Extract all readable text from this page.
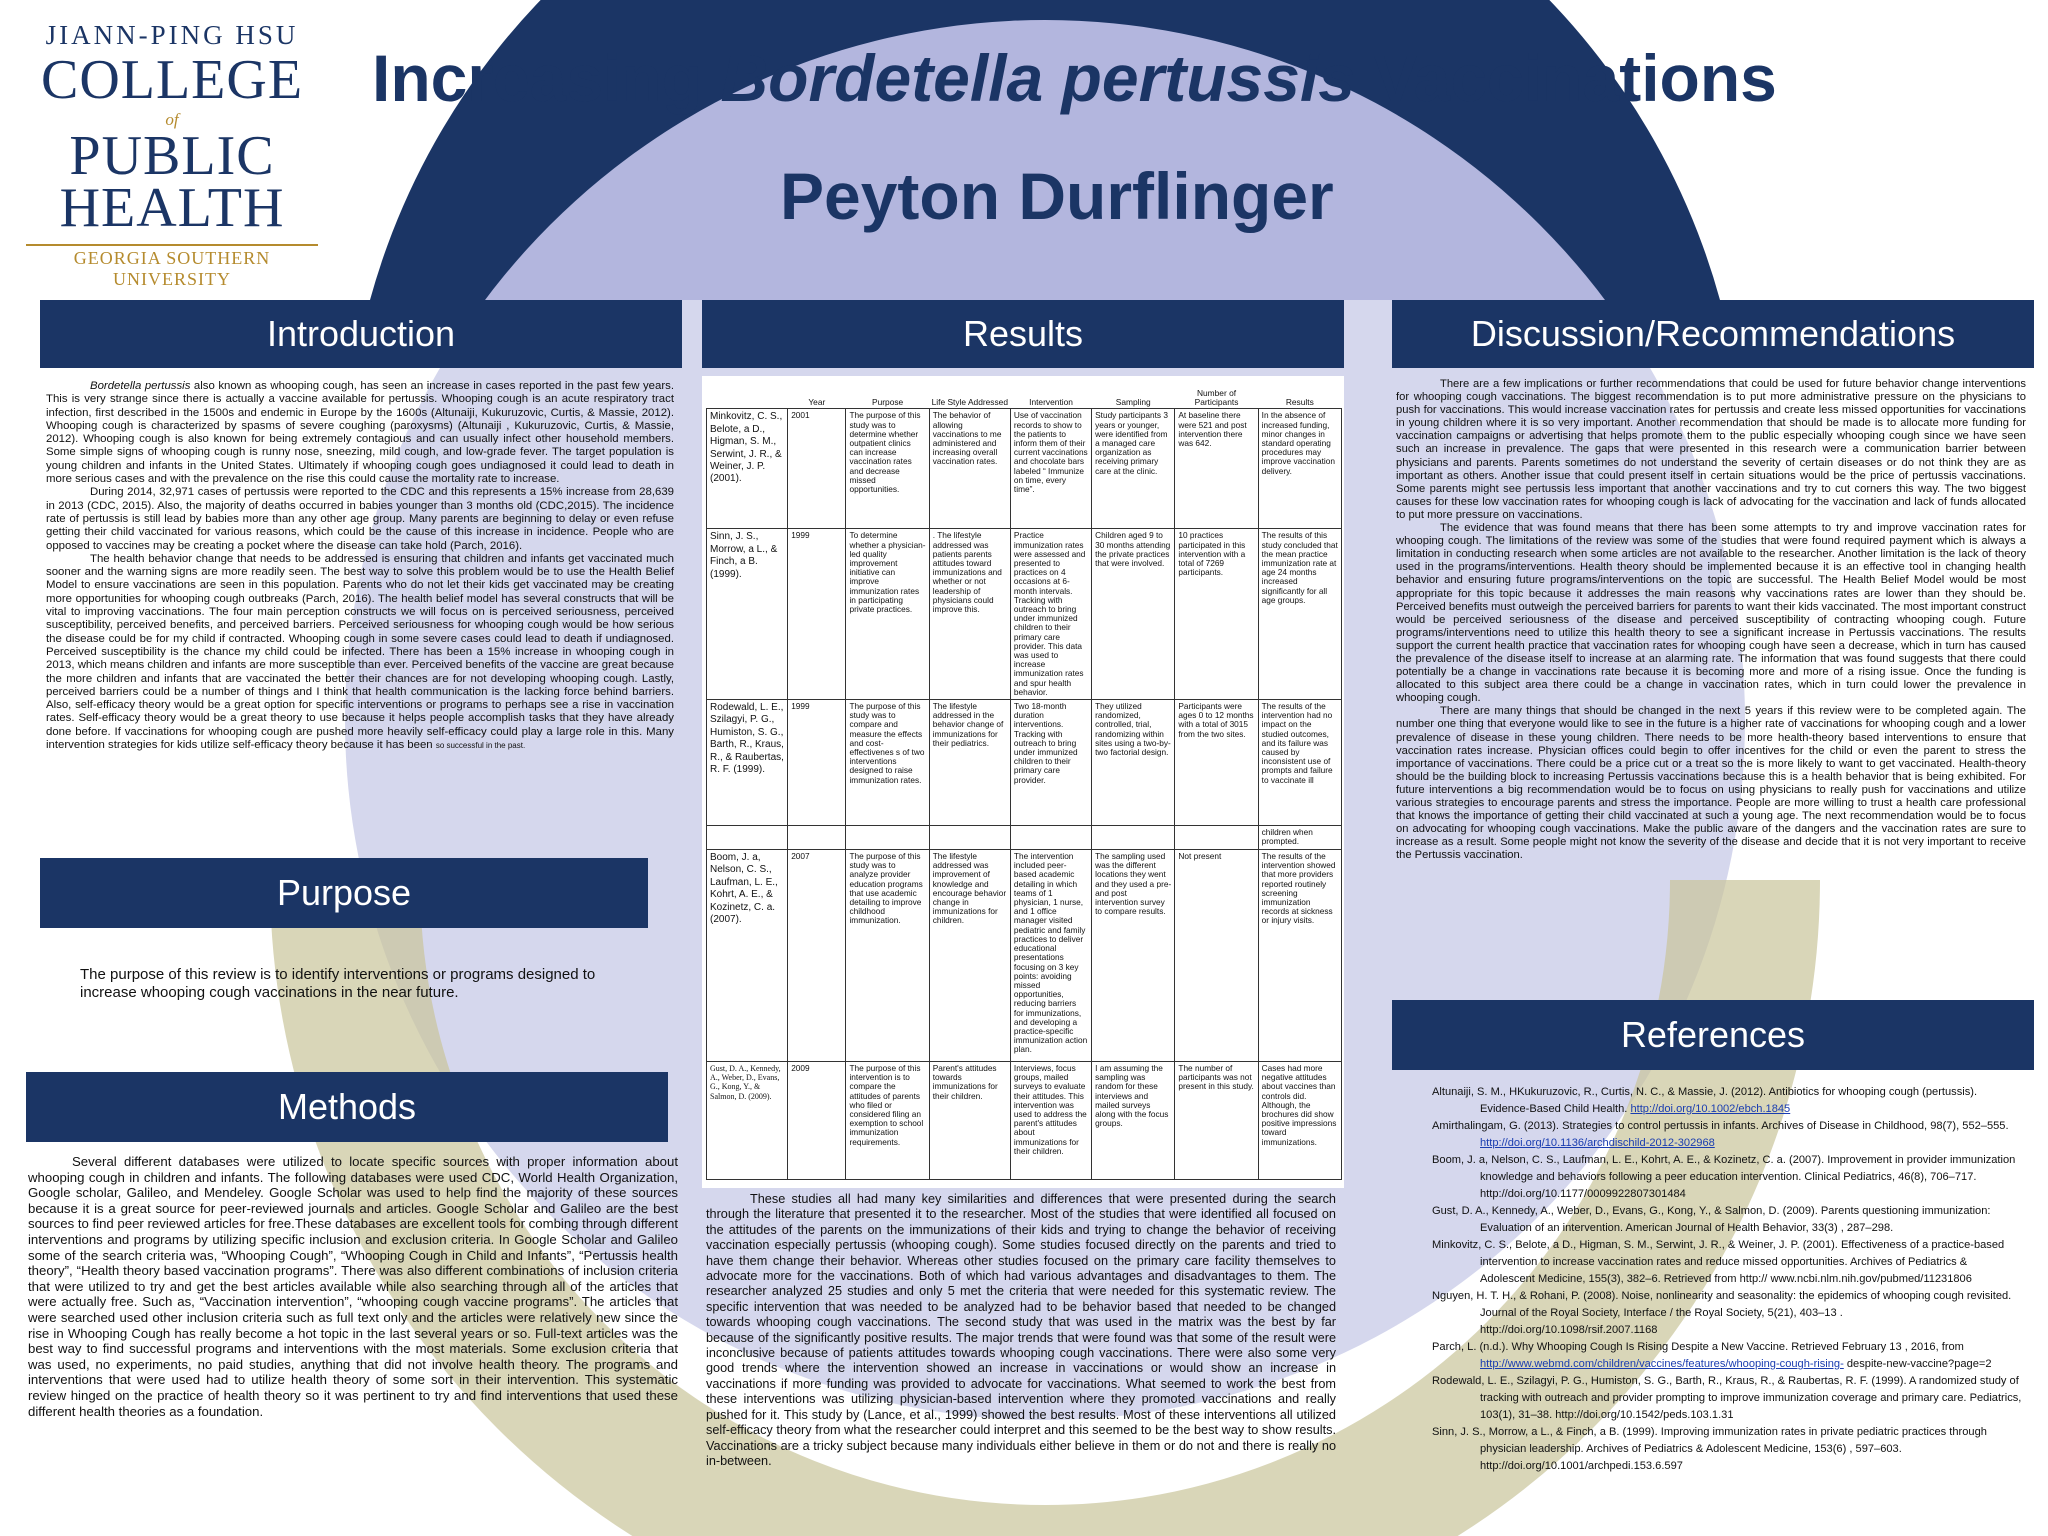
JIANN-PING HSU
COLLEGE
of
PUBLIC
HEALTH
GEORGIA SOUTHERN UNIVERSITY
Increasing Bordetella pertussis Vaccinations
Peyton Durflinger
Introduction	Results	Discussion/Recommendations
Purpose
Methods
References

Bordetella pertussis also known as whooping cough, has seen an increase in cases reported in the past few years. This is very strange since there is actually a vaccine available for pertussis. Whooping cough is an acute respiratory tract infection, first described in the 1500s and endemic in Europe by the 1600s (Altunaiji, Kukuruzovic, Curtis, & Massie, 2012). Whooping cough is characterized by spasms of severe coughing (paroxysms) (Altunaiji , Kukuruzovic, Curtis, & Massie, 2012). Whooping cough is also known for being extremely contagious and can usually infect other household members. Some simple signs of whooping cough is runny nose, sneezing, mild cough, and low-grade fever. The target population is young children and infants in the United States. Ultimately if whooping cough goes undiagnosed it could lead to death in more serious cases and with the prevalence on the rise this could cause the mortality rate to increase.

During 2014, 32,971 cases of pertussis were reported to the CDC and this represents a 15% increase from 28,639 in 2013 (CDC, 2015). Also, the majority of deaths occurred in babies younger than 3 months old (CDC,2015). The incidence rate of pertussis is still lead by babies more than any other age group. Many parents are beginning to delay or even refuse getting their child vaccinated for various reasons, which could be the cause of this increase in incidence. People who are opposed to vaccines may be creating a pocket where the disease can take hold (Parch, 2016).

The health behavior change that needs to be addressed is ensuring that children and infants get vaccinated much sooner and the warning signs are more readily seen. The best way to solve this problem would be to use the Health Belief Model to ensure vaccinations are seen in this population. Parents who do not let their kids get vaccinated may be creating more opportunities for whooping cough outbreaks (Parch, 2016). The health belief model has several constructs that will be vital to improving vaccinations. The four main perception constructs we will focus on is perceived seriousness, perceived susceptibility, perceived benefits, and perceived barriers. Perceived seriousness for whooping cough would be how serious the disease could be for my child if contracted. Whooping cough in some severe cases could lead to death if undiagnosed. Perceived susceptibility is the chance my child could be infected. There has been a 15% increase in whooping cough in 2013, which means children and infants are more susceptible than ever. Perceived benefits of the vaccine are great because the more children and infants that are vaccinated the better their chances are for not developing whooping cough. Lastly, perceived barriers could be a number of things and I think that health communication is the lacking force behind barriers. Also, self-efficacy theory would be a great option for specific interventions or programs to perhaps see a rise in vaccination rates. Self-efficacy theory would be a great theory to use because it helps people accomplish tasks that they have already done before. If vaccinations for whooping cough are pushed more heavily self-efficacy could play a large role in this. Many intervention strategies for kids utilize self-efficacy theory because it has been so successful in the past.

The purpose of this review is to identify interventions or programs designed to increase whooping cough vaccinations in the near future.

Several different databases were utilized to locate specific sources with proper information about whooping cough in children and infants. The following databases were used CDC, World Health Organization, Google scholar, Galileo, and Mendeley. Google Scholar was used to help find the majority of these sources because it is a great source for peer-reviewed journals and articles. Google Scholar and Galileo are the best sources to find peer reviewed articles for free.These databases are excellent tools for combing through different interventions and programs by utilizing specific inclusion and exclusion criteria. In Google Scholar and Galileo some of the search criteria was, “Whooping Cough”, “Whooping Cough in Child and Infants”, “Pertussis health theory”, “Health theory based vaccination programs”. There was also different combinations of inclusion criteria that were utilized to try and get the best articles available while also searching through all of the articles that were actually free. Such as, “Vaccination intervention”, “whooping cough vaccine programs”. The articles that were searched used other inclusion criteria such as full text only and the articles were relatively new since the rise in Whooping Cough has really become a hot topic in the last several years or so. Full-text articles was the best way to find successful programs and interventions with the most materials. Some exclusion criteria that was used, no experiments, no paid studies, anything that did not involve health theory. The programs and interventions that were used had to utilize health theory of some sort in their intervention. This systematic review hinged on the practice of health theory so it was pertinent to try and find interventions that used these different health theories as a foundation.

	Year	Purpose	Life Style Addressed	Intervention	Sampling	Number of Participants	Results
Minkovitz, C. S., Belote, a D., Higman, S. M., Serwint, J. R., & Weiner, J. P. (2001).	2001	The purpose of this study was to determine whether outpatient clinics can increase vaccination rates and decrease missed opportunities.	The behavior of allowing vaccinations to me administered and increasing overall vaccination rates.	Use of vaccination records to show to the patients to inform them of their current vaccinations and chocolate bars labeled “ Immunize on time, every time”.	Study participants 3 years or younger, were identified from a managed care organization as receiving primary care at the clinic.	At baseline there were 521 and post intervention there was 642.	In the absence of increased funding, minor changes in standard operating procedures may improve vaccination delivery.
Sinn, J. S., Morrow, a L., & Finch, a B. (1999).	1999	To determine whether a physician-led quality improvement initiative can improve immunization rates in participating private practices.	. The lifestyle addressed was patients parents attitudes toward immunizations and whether or not leadership of physicians could improve this.	Practice immunization rates were assessed and presented to practices on 4 occasions at 6-month intervals. Tracking with outreach to bring under immunized children to their primary care provider. This data was used to increase immunization rates and spur health behavior.	Children aged 9 to 30 months attending the private practices that were involved.	10 practices participated in this intervention with a total of 7269 participants.	The results of this study concluded that the mean practice immunization rate at age 24 months increased significantly for all age groups.
Rodewald, L. E., Szilagyi, P. G., Humiston, S. G., Barth, R., Kraus, R., & Raubertas, R. F. (1999).	1999	The purpose of this study was to compare and measure the effects and cost-effectivenes s of two interventions designed to raise immunization rates.	The lifestyle addressed in the behavior change of immunizations for their pediatrics.	Two 18-month duration interventions. Tracking with outreach to bring under immunized children to their primary care provider.	They utilized randomized, controlled, trial, randomizing within sites using a two-by-two factorial design.	Participants were ages 0 to 12 months with a total of 3015 from the two sites.	The results of the intervention had no impact on the studied outcomes, and its failure was caused by inconsistent use of prompts and failure to vaccinate ill
							children when prompted.
Boom, J. a, Nelson, C. S., Laufman, L. E., Kohrt, A. E., & Kozinetz, C. a. (2007).	2007	The purpose of this study was to analyze provider education programs that use academic detailing to improve childhood immunization.	The lifestyle addressed was improvement of knowledge and encourage behavior change in immunizations for children.	The intervention included peer-based academic detailing in which teams of 1 physician, 1 nurse, and 1 office manager visited pediatric and family practices to deliver educational presentations focusing on 3 key points: avoiding missed opportunities, reducing barriers for immunizations, and developing a practice-specific immunization action plan.	The sampling used was the different locations they went and they used a pre- and post intervention survey to compare results.	Not present	The results of the intervention showed that more providers reported routinely screening immunization records at sickness or injury visits.
Gust, D. A., Kennedy, A., Weber, D., Evans, G., Kong, Y., & Salmon, D. (2009).	2009	The purpose of this intervention is to compare the attitudes of parents who filed or considered filing an exemption to school immunization requirements.	Parent's attitudes towards immunizations for their children.	Interviews, focus groups, mailed surveys to evaluate their attitudes. This intervention was used to address the parent's attitudes about immunizations for their children.	I am assuming the sampling was random for these interviews and mailed surveys along with the focus groups.	The number of participants was not present in this study.	Cases had more negative attitudes about vaccines than controls did. Although, the brochures did show positive impressions toward immunizations.

These studies all had many key similarities and differences that were presented during the search through the literature that presented it to the researcher. Most of the studies that were identified all focused on the attitudes of the parents on the immunizations of their kids and trying to change the behavior of receiving vaccination especially pertussis (whooping cough). Some studies focused directly on the parents and tried to have them change their behavior. Whereas other studies focused on the primary care facility themselves to advocate more for the vaccinations. Both of which had various advantages and disadvantages to them. The researcher analyzed 25 studies and only 5 met the criteria that were needed for this systematic review. The specific intervention that was needed to be analyzed had to be behavior based that needed to be changed towards whooping cough vaccinations. The second study that was used in the matrix was the best by far because of the significantly positive results. The major trends that were found was that some of the result were inconclusive because of patients attitudes towards whooping cough vaccinations. There were also some very good trends where the intervention showed an increase in vaccinations or would show an increase in vaccinations if more funding was provided to advocate for vaccinations. What seemed to work the best from these interventions was utilizing physician-based intervention where they promoted vaccinations and really pushed for it. This study by (Lance, et al., 1999) showed the best results. Most of these interventions all utilized self-efficacy theory from what the researcher could interpret and this seemed to be the best way to show results. Vaccinations are a tricky subject because many individuals either believe in them or do not and there is really no in-between.

There are a few implications or further recommendations that could be used for future behavior change interventions for whooping cough vaccinations. The biggest recommendation is to put more administrative pressure on the physicians to push for vaccinations. This would increase vaccination rates for pertussis and create less missed opportunities for vaccinations in young children where it is so very important. Another recommendation that should be made is to allocate more funding for vaccination campaigns or advertising that helps promote them to the public especially whooping cough since we have seen such an increase in prevalence. The gaps that were presented in this research were a communication barrier between physicians and parents. Parents sometimes do not understand the severity of certain diseases or do not think they are as important as others. Another issue that could present itself in certain situations would be the price of pertussis vaccinations. Some parents might see pertussis less important that another vaccinations and try to cut corners this way. The two biggest causes for these low vaccination rates for whooping cough is lack of advocating for the vaccination and lack of funds allocated to put more pressure on vaccinations.

The evidence that was found means that there has been some attempts to try and improve vaccination rates for whooping cough. The limitations of the review was some of the studies that were found required payment which is always a limitation in conducting research when some articles are not available to the researcher. Another limitation is the lack of theory used in the programs/interventions. Health theory should be implemented because it is an effective tool in changing health behavior and ensuring future programs/interventions on the topic are successful. The Health Belief Model would be most appropriate for this topic because it addresses the main reasons why vaccinations rates are lower than they should be. Perceived benefits must outweigh the perceived barriers for parents to want their kids vaccinated. The most important construct would be perceived seriousness of the disease and perceived susceptibility of contracting whooping cough. Future programs/interventions need to utilize this health theory to see a significant increase in Pertussis vaccinations. The results support the current health practice that vaccination rates for whooping cough have seen a decrease, which in turn has caused the prevalence of the disease itself to increase at an alarming rate. The information that was found suggests that there could potentially be a change in vaccinations rate because it is becoming more and more of a rising issue. Once the funding is allocated to this subject area there could be a change in vaccination rates, which in turn could lower the prevalence in whooping cough.

There are many things that should be changed in the next 5 years if this review were to be completed again. The number one thing that everyone would like to see in the future is a higher rate of vaccinations for whooping cough and a lower prevalence of disease in these young children. There needs to be more health-theory based interventions to ensure that vaccination rates increase. Physician offices could begin to offer incentives for the child or even the parent to stress the importance of vaccinations. There could be a price cut or a treat so the is more likely to want to get vaccinated. Health-theory should be the building block to increasing Pertussis vaccinations because this is a health behavior that is being exhibited. For future interventions a big recommendation would be to focus on using physicians to really push for vaccinations and utilize various strategies to encourage parents and stress the importance. People are more willing to trust a health care professional that knows the importance of getting their child vaccinated at such a young age. The next recommendation would be to focus on advocating for whooping cough vaccinations. Make the public aware of the dangers and the vaccination rates are sure to increase as a result. Some people might not know the severity of the disease and decide that it is not very important to receive the Pertussis vaccination.

Altunaiji, S. M., HKukuruzovic, R., Curtis, N. C., & Massie, J. (2012). Antibiotics for whooping cough (pertussis). Evidence-Based Child Health. http://doi.org/10.1002/ebch.1845
Amirthalingam, G. (2013). Strategies to control pertussis in infants. Archives of Disease in Childhood, 98(7), 552–555. http://doi.org/10.1136/archdischild-2012-302968
Boom, J. a, Nelson, C. S., Laufman, L. E., Kohrt, A. E., & Kozinetz, C. a. (2007). Improvement in provider immunization knowledge and behaviors following a peer education intervention. Clinical Pediatrics, 46(8), 706–717. http://doi.org/10.1177/0009922807301484
Gust, D. A., Kennedy, A., Weber, D., Evans, G., Kong, Y., & Salmon, D. (2009). Parents questioning immunization: Evaluation of an intervention. American Journal of Health Behavior, 33(3) , 287–298.
Minkovitz, C. S., Belote, a D., Higman, S. M., Serwint, J. R., & Weiner, J. P. (2001). Effectiveness of a practice-based intervention to increase vaccination rates and reduce missed opportunities. Archives of Pediatrics & Adolescent Medicine, 155(3), 382–6. Retrieved from http:// www.ncbi.nlm.nih.gov/pubmed/11231806
Nguyen, H. T. H., & Rohani, P. (2008). Noise, nonlinearity and seasonality: the epidemics of whooping cough revisited. Journal of the Royal Society, Interface / the Royal Society, 5(21), 403–13 . http://doi.org/10.1098/rsif.2007.1168
Parch, L. (n.d.). Why Whooping Cough Is Rising Despite a New Vaccine. Retrieved February 13 , 2016, from http://www.webmd.com/children/vaccines/features/whooping-cough-rising- despite-new-vaccine?page=2
Rodewald, L. E., Szilagyi, P. G., Humiston, S. G., Barth, R., Kraus, R., & Raubertas, R. F. (1999). A randomized study of tracking with outreach and provider prompting to improve immunization coverage and primary care. Pediatrics, 103(1), 31–38. http://doi.org/10.1542/peds.103.1.31
Sinn, J. S., Morrow, a L., & Finch, a B. (1999). Improving immunization rates in private pediatric practices through physician leadership. Archives of Pediatrics & Adolescent Medicine, 153(6) , 597–603. http://doi.org/10.1001/archpedi.153.6.597
